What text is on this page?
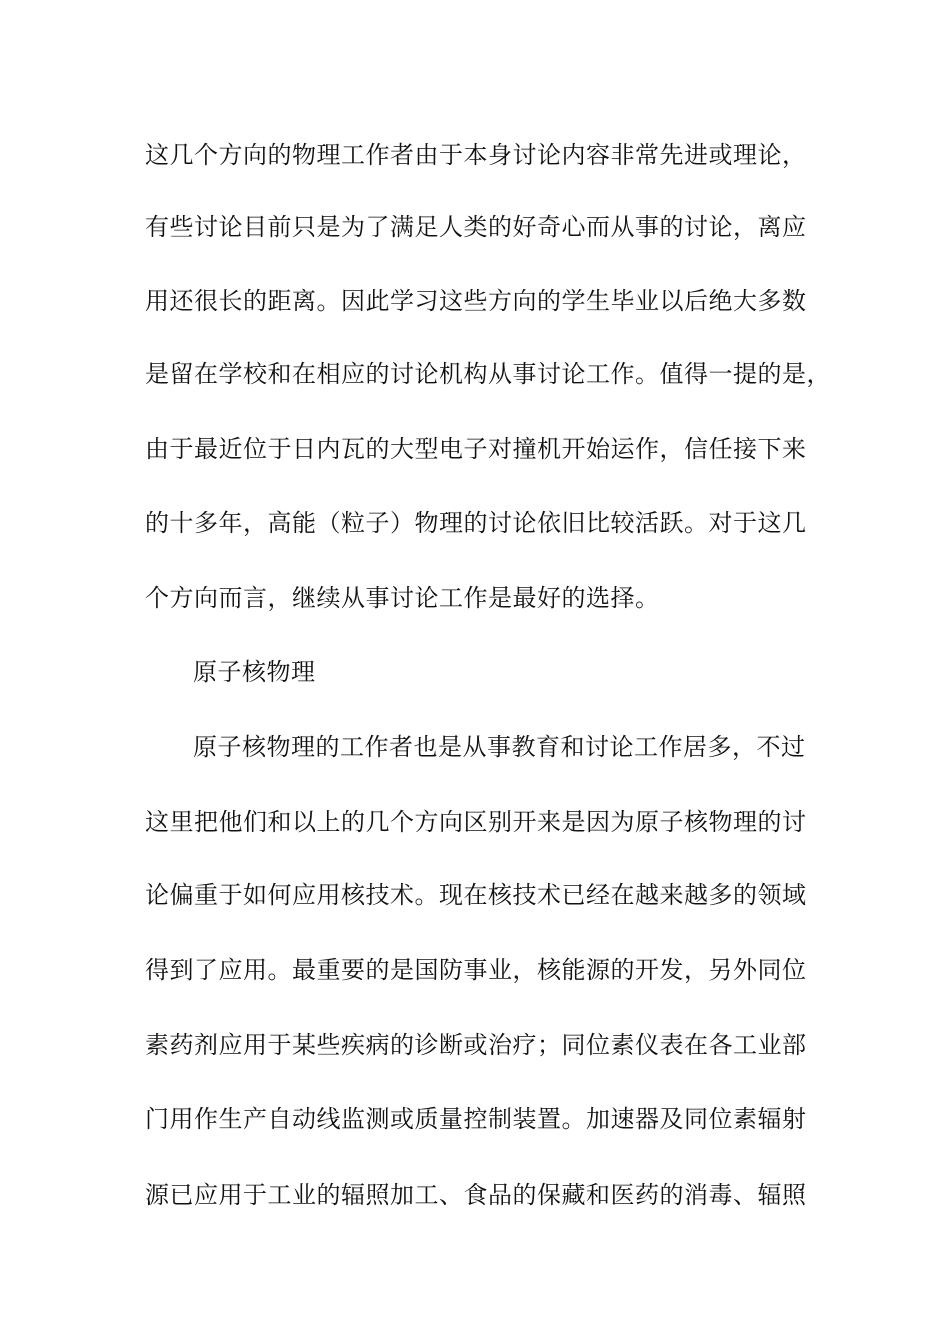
这几个方向的物理工作者由于本身讨论内容非常先进或理论，
有些讨论目前只是为了满足人类的好奇心而从事的讨论，离应
用还很长的距离。因此学习这些方向的学生毕业以后绝大多数
是留在学校和在相应的讨论机构从事讨论工作。值得一提的是，
由于最近位于日内瓦的大型电子对撞机开始运作，信任接下来
的十多年，高能（粒子）物理的讨论依旧比较活跃。对于这几
个方向而言，继续从事讨论工作是最好的选择。
原子核物理
原子核物理的工作者也是从事教育和讨论工作居多，不过
这里把他们和以上的几个方向区别开来是因为原子核物理的讨
论偏重于如何应用核技术。现在核技术已经在越来越多的领域
得到了应用。最重要的是国防事业，核能源的开发，另外同位
素药剂应用于某些疾病的诊断或治疗；同位素仪表在各工业部
门用作生产自动线监测或质量控制装置。加速器及同位素辐射
源已应用于工业的辐照加工、食品的保藏和医药的消毒、辐照
